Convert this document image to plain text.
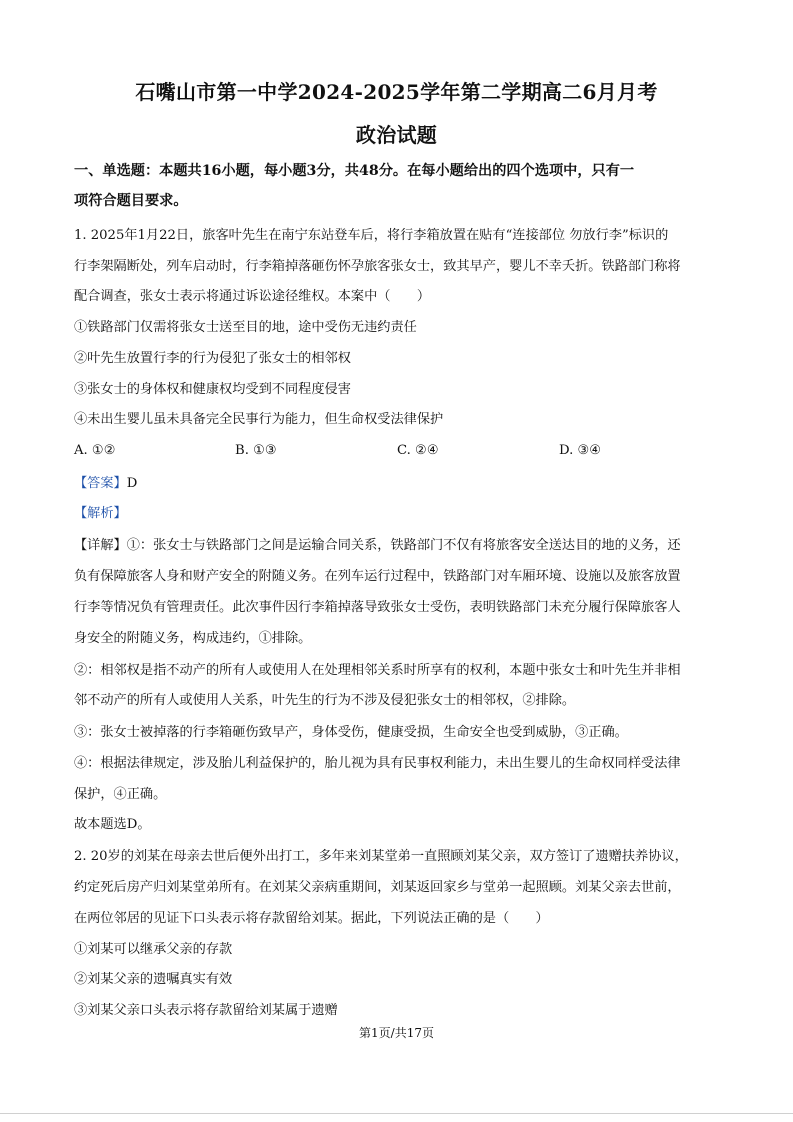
石嘴山市第一中学2024-2025学年第二学期高二6月月考
政治试题
一、单选题：本题共16小题，每小题3分，共48分。在每小题给出的四个选项中，只有一
项符合题目要求。
1. 2025年1月22日，旅客叶先生在南宁东站登车后，将行李箱放置在贴有“连接部位 勿放行李”标识的
行李架隔断处，列车启动时，行李箱掉落砸伤怀孕旅客张女士，致其早产，婴儿不幸夭折。铁路部门称将
配合调查，张女士表示将通过诉讼途径维权。本案中（　　）
①铁路部门仅需将张女士送至目的地，途中受伤无违约责任
②叶先生放置行李的行为侵犯了张女士的相邻权
③张女士的身体权和健康权均受到不同程度侵害
④未出生婴儿虽未具备完全民事行为能力，但生命权受法律保护
A. ①②	B. ①③	C. ②④	D. ③④
【答案】D
【解析】
【详解】①：张女士与铁路部门之间是运输合同关系，铁路部门不仅有将旅客安全送达目的地的义务，还
负有保障旅客人身和财产安全的附随义务。在列车运行过程中，铁路部门对车厢环境、设施以及旅客放置
行李等情况负有管理责任。此次事件因行李箱掉落导致张女士受伤，表明铁路部门未充分履行保障旅客人
身安全的附随义务，构成违约，①排除。
②：相邻权是指不动产的所有人或使用人在处理相邻关系时所享有的权利，本题中张女士和叶先生并非相
邻不动产的所有人或使用人关系，叶先生的行为不涉及侵犯张女士的相邻权，②排除。
③：张女士被掉落的行李箱砸伤致早产，身体受伤，健康受损，生命安全也受到威胁，③正确。
④：根据法律规定，涉及胎儿利益保护的，胎儿视为具有民事权利能力，未出生婴儿的生命权同样受法律
保护，④正确。
故本题选D。
2. 20岁的刘某在母亲去世后便外出打工，多年来刘某堂弟一直照顾刘某父亲，双方签订了遗赠扶养协议，
约定死后房产归刘某堂弟所有。在刘某父亲病重期间，刘某返回家乡与堂弟一起照顾。刘某父亲去世前，
在两位邻居的见证下口头表示将存款留给刘某。据此，下列说法正确的是（　　）
①刘某可以继承父亲的存款
②刘某父亲的遗嘱真实有效
③刘某父亲口头表示将存款留给刘某属于遗赠
第1页/共17页
